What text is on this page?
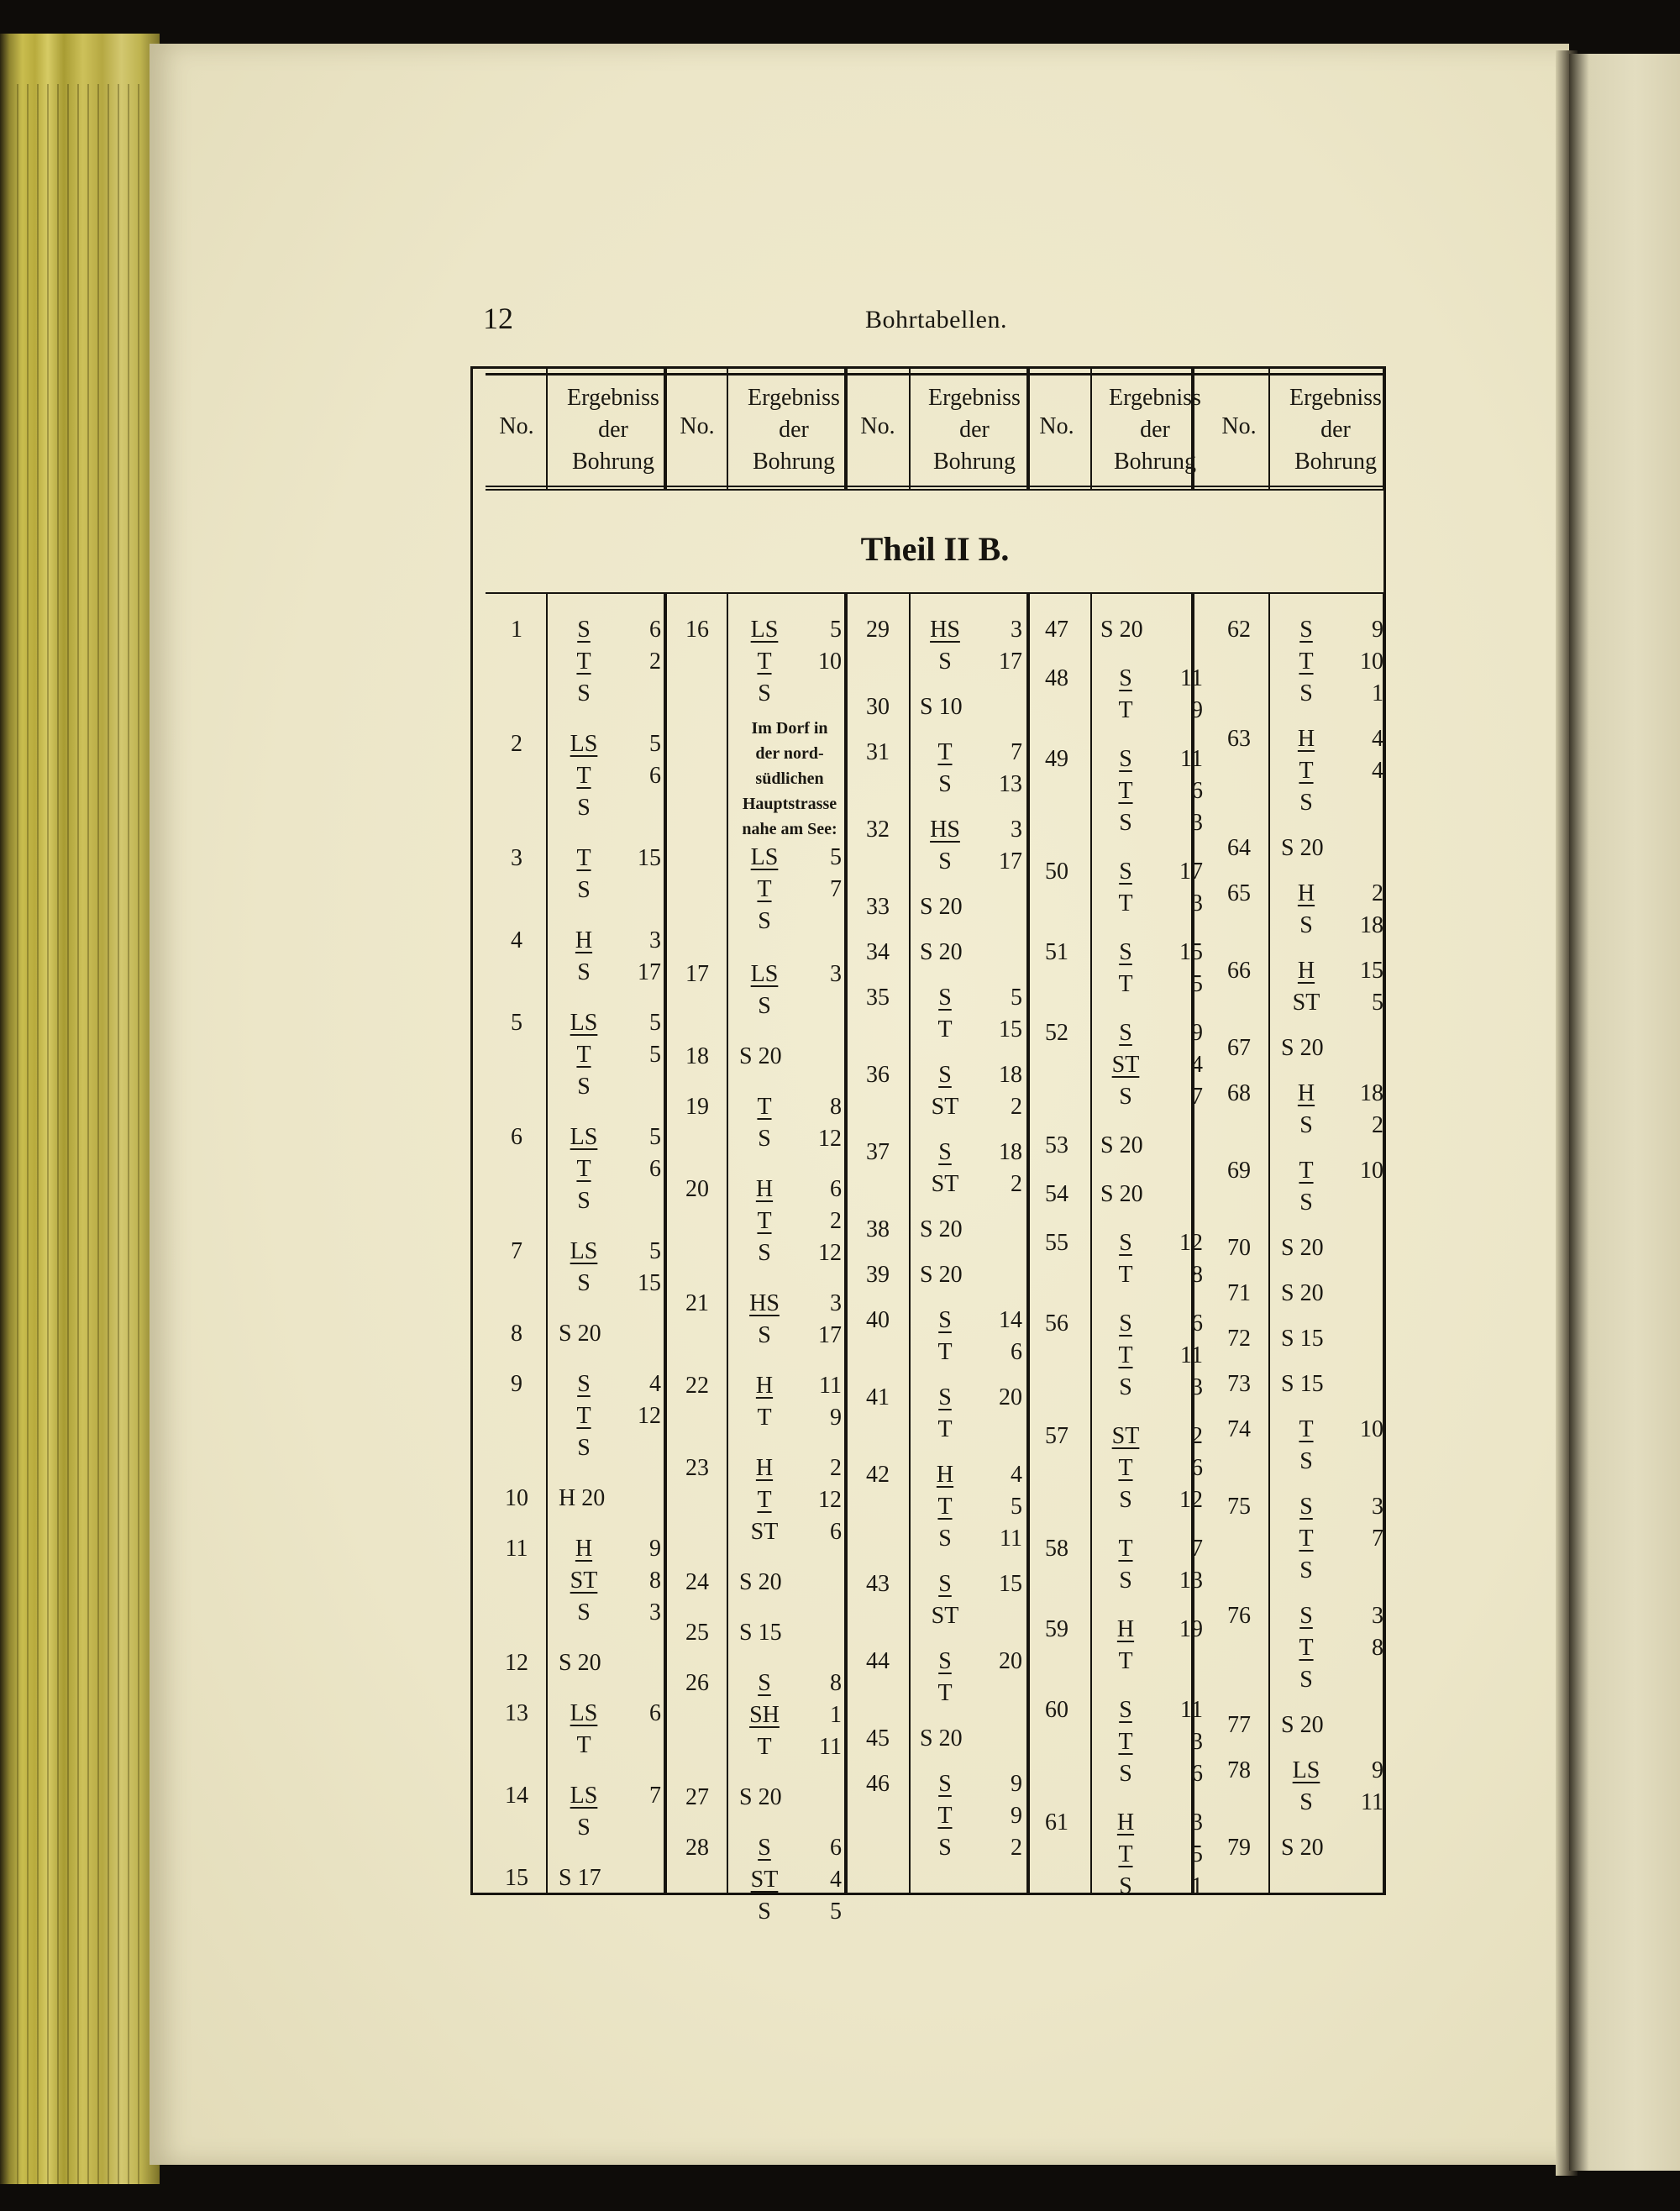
12	Bohrtabellen.
Theil II B.
No.
Ergebniss
der
Bohrung
No.
Ergebniss
der
Bohrung
No.
Ergebniss
der
Bohrung
No.
Ergebniss
der
Bohrung
No.
Ergebniss
der
Bohrung
1	S	6
T	2
S
2	LS	5
T	6
S
3	T	15
S
4	H	3
S	17
5	LS	5
T	5
S
6	LS	5
T	6
S
7	LS	5
S	15
8	S 20
9	S	4
T	12
S
10	H 20
11	H	9
ST	8
S	3
12	S 20
13	LS	6
T
14	LS	7
S
15	S 17
16	LS	5
T	10
S
Im Dorf in
der nord-
südlichen
Hauptstrasse
nahe am See:
LS	5
T	7
S
17	LS	3
S
18	S 20
19	T	8
S	12
20	H	6
T	2
S	12
21	HS	3
S	17
22	H	11
T	9
23	H	2
T	12
ST	6
24	S 20
25	S 15
26	S	8
SH	1
T	11
27	S 20
28	S	6
ST	4
S	5
29	HS	3
S	17
30	S 10
31	T	7
S	13
32	HS	3
S	17
33	S 20
34	S 20
35	S	5
T	15
36	S	18
ST	2
37	S	18
ST	2
38	S 20
39	S 20
40	S	14
T	6
41	S	20
T
42	H	4
T	5
S	11
43	S	15
ST
44	S	20
T
45	S 20
46	S	9
T	9
S	2
47	S 20
48	S	11
T	9
49	S	11
T	6
S	3
50	S	17
T	3
51	S	15
T	5
52	S	9
ST	4
S	7
53	S 20
54	S 20
55	S	12
T	8
56	S	6
T	11
S	3
57	ST	2
T	6
S	12
58	T	7
S	13
59	H	19
T
60	S	11
T	3
S	6
61	H	3
T	5
S	1
62	S	9
T	10
S	1
63	H	4
T	4
S
64	S 20
65	H	2
S	18
66	H	15
ST	5
67	S 20
68	H	18
S	2
69	T	10
S
70	S 20
71	S 20
72	S 15
73	S 15
74	T	10
S
75	S	3
T	7
S
76	S	3
T	8
S
77	S 20
78	LS	9
S	11
79	S 20
